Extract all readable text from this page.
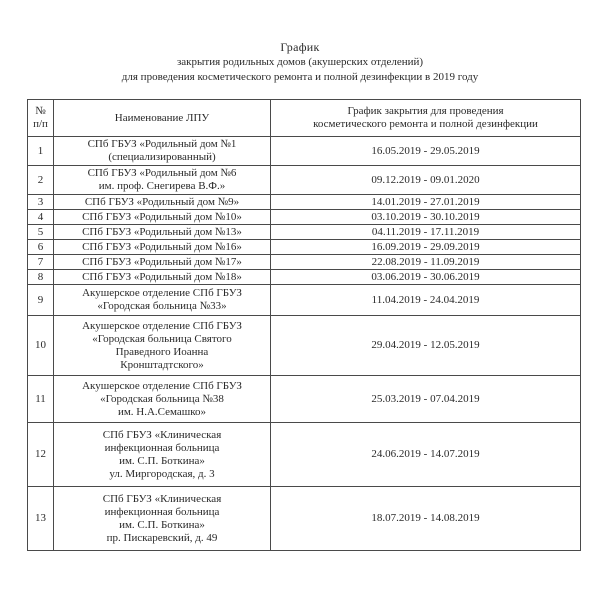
График
закрытия родильных домов (акушерских отделений)
для проведения косметического ремонта и полной дезинфекции в 2019 году
№
п/п	Наименование ЛПУ	График закрытия для проведения
косметического ремонта и полной дезинфекции

1	СПб ГБУЗ «Родильный дом №1
(специализированный)	16.05.2019 - 29.05.2019
2	СПб ГБУЗ «Родильный дом №6
им. проф. Снегирева В.Ф.»	09.12.2019 - 09.01.2020
3	СПб ГБУЗ «Родильный дом №9»	14.01.2019 - 27.01.2019
4	СПб ГБУЗ «Родильный дом №10»	03.10.2019 - 30.10.2019
5	СПб ГБУЗ «Родильный дом №13»	04.11.2019 - 17.11.2019
6	СПб ГБУЗ «Родильный дом №16»	16.09.2019 - 29.09.2019
7	СПб ГБУЗ «Родильный дом №17»	22.08.2019 - 11.09.2019
8	СПб ГБУЗ «Родильный дом №18»	03.06.2019 - 30.06.2019
9	Акушерское отделение СПб ГБУЗ
«Городская больница №33»	11.04.2019 - 24.04.2019
10	Акушерское отделение СПб ГБУЗ
«Городская больница Святого
Праведного Иоанна
Кронштадтского»	29.04.2019 - 12.05.2019
11	Акушерское отделение СПб ГБУЗ
«Городская больница №38
им. Н.А.Семашко»	25.03.2019 - 07.04.2019
12	СПб ГБУЗ «Клиническая
инфекционная больница
им. С.П. Боткина»
ул. Миргородская, д. 3	24.06.2019 - 14.07.2019
13	СПб ГБУЗ «Клиническая
инфекционная больница
им. С.П. Боткина»
пр. Пискаревский, д. 49	18.07.2019 - 14.08.2019
